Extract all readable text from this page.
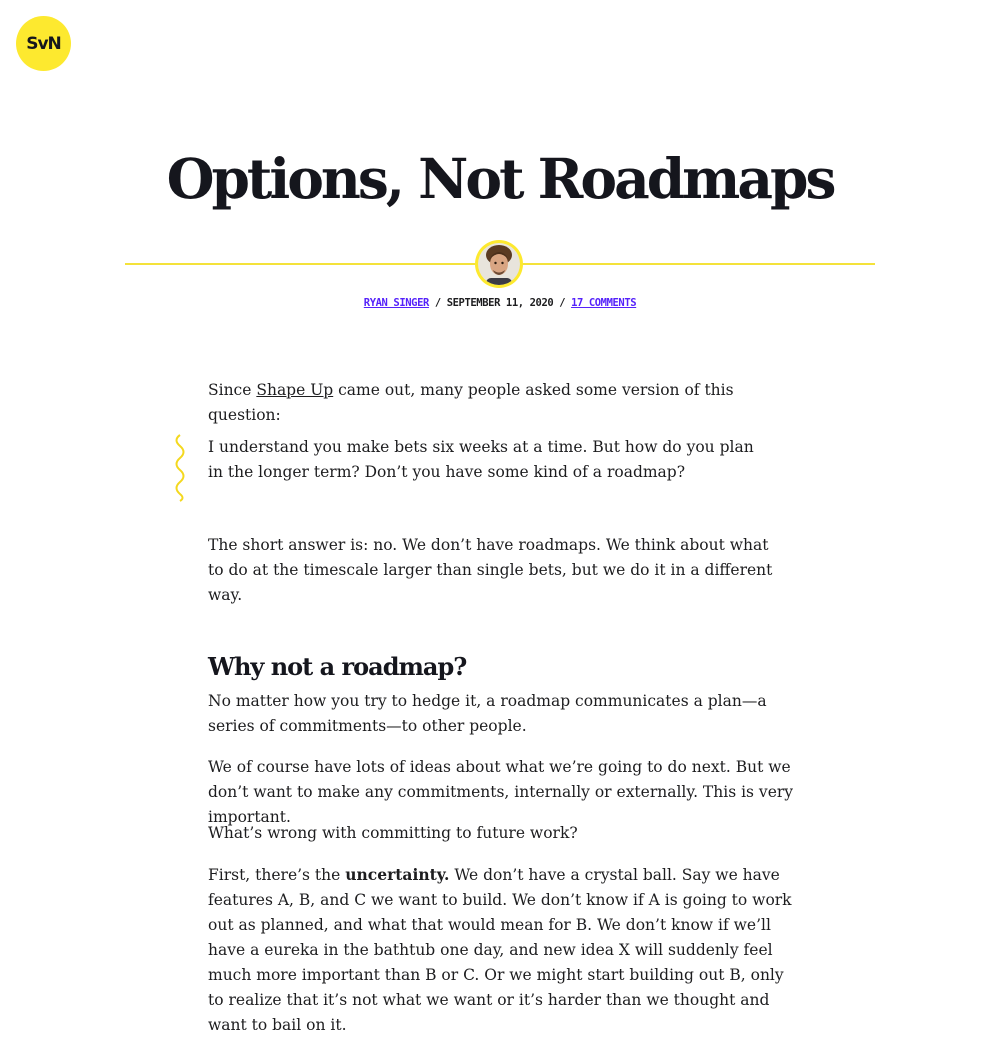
SvN
Options, Not Roadmaps
RYAN SINGER / SEPTEMBER 11, 2020 / 17 COMMENTS

Since Shape Up came out, many people asked some version of this question:

I understand you make bets six weeks at a time. But how do you plan in the longer term? Don’t you have some kind of a roadmap?

The short answer is: no. We don’t have roadmaps. We think about what to do at the timescale larger than single bets, but we do it in a different way.

Why not a roadmap?

No matter how you try to hedge it, a roadmap communicates a plan—a series of commitments—to other people.

We of course have lots of ideas about what we’re going to do next. But we don’t want to make any commitments, internally or externally. This is very important.

What’s wrong with committing to future work?

First, there’s the uncertainty. We don’t have a crystal ball. Say we have features A, B, and C we want to build. We don’t know if A is going to work out as planned, and what that would mean for B. We don’t know if we’ll have a eureka in the bathtub one day, and new idea X will suddenly feel much more important than B or C. Or we might start building out B, only to realize that it’s not what we want or it’s harder than we thought and want to bail on it.
